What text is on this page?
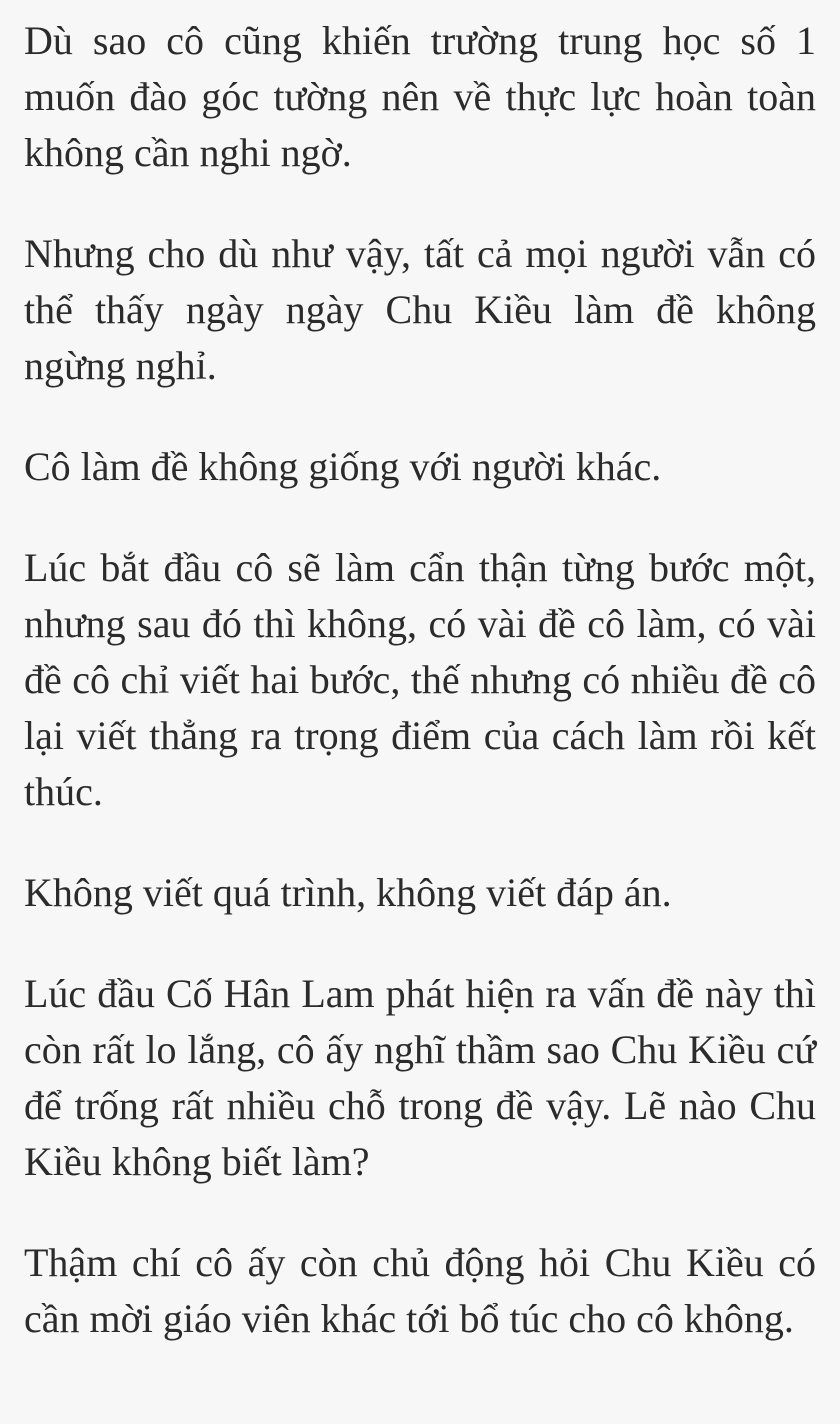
Dù sao cô cũng khiến trường trung học số 1 muốn đào góc tường nên về thực lực hoàn toàn không cần nghi ngờ.

Nhưng cho dù như vậy, tất cả mọi người vẫn có thể thấy ngày ngày Chu Kiều làm đề không ngừng nghỉ.

Cô làm đề không giống với người khác.

Lúc bắt đầu cô sẽ làm cẩn thận từng bước một, nhưng sau đó thì không, có vài đề cô làm, có vài đề cô chỉ viết hai bước, thế nhưng có nhiều đề cô lại viết thẳng ra trọng điểm của cách làm rồi kết thúc.

Không viết quá trình, không viết đáp án.

Lúc đầu Cố Hân Lam phát hiện ra vấn đề này thì còn rất lo lắng, cô ấy nghĩ thầm sao Chu Kiều cứ để trống rất nhiều chỗ trong đề vậy. Lẽ nào Chu Kiều không biết làm?

Thậm chí cô ấy còn chủ động hỏi Chu Kiều có cần mời giáo viên khác tới bổ túc cho cô không.
